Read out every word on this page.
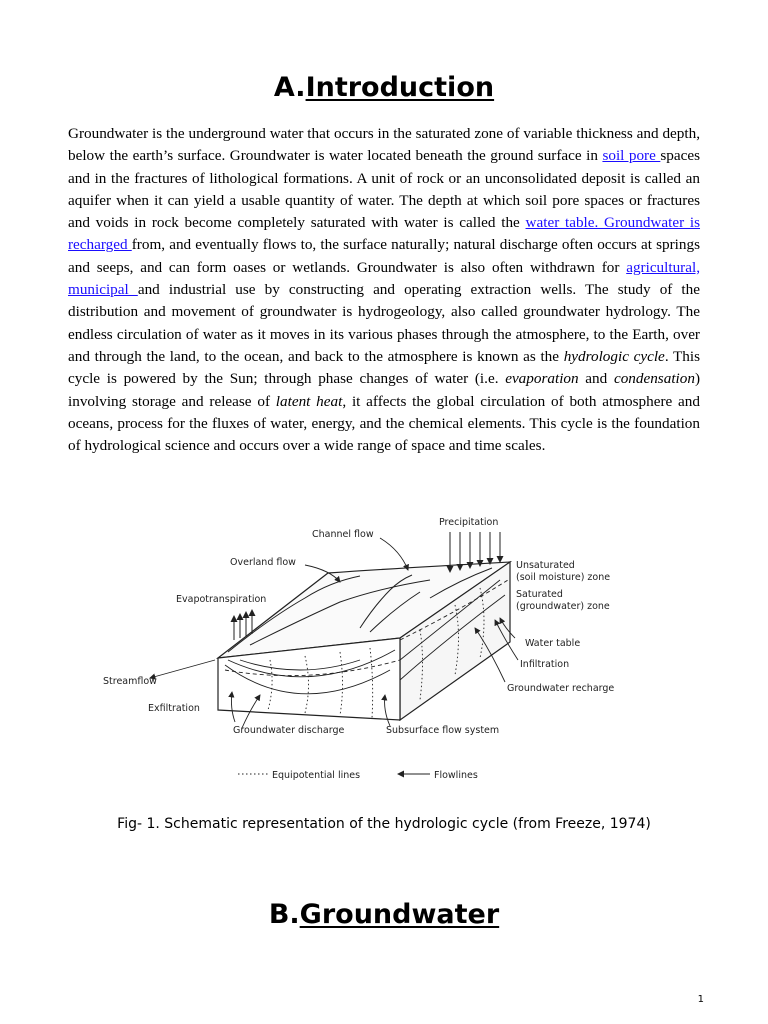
A.Introduction

Groundwater is the underground water that occurs in the saturated zone of variable thickness and depth, below the earth’s surface. Groundwater is water located beneath the ground surface in soil pore spaces and in the fractures of lithological formations. A unit of rock or an unconsolidated deposit is called an aquifer when it can yield a usable quantity of water. The depth at which soil pore spaces or fractures and voids in rock become completely saturated with water is called the water table. Groundwater is recharged from, and eventually flows to, the surface naturally; natural discharge often occurs at springs and seeps, and can form oases or wetlands. Groundwater is also often withdrawn for agricultural, municipal and industrial use by constructing and operating extraction wells. The study of the distribution and movement of groundwater is hydrogeology, also called groundwater hydrology. The endless circulation of water as it moves in its various phases through the atmosphere, to the Earth, over and through the land, to the ocean, and back to the atmosphere is known as the hydrologic cycle. This cycle is powered by the Sun; through phase changes of water (i.e. evaporation and condensation) involving storage and release of latent heat, it affects the global circulation of both atmosphere and oceans, process for the fluxes of water, energy, and the chemical elements. This cycle is the foundation of hydrological science and occurs over a wide range of space and time scales.

Precipitation
Channel flow
Overland flow	Unsaturated
(soil moisture) zone
Saturated
(groundwater) zone
Evapotranspiration
Water table
Infiltration
Streamflow
Groundwater recharge
Exfiltration
Groundwater discharge	Subsurface flow system
Equipotential lines	Flowlines
Fig- 1. Schematic representation of the hydrologic cycle (from Freeze, 1974)
B.Groundwater
1
